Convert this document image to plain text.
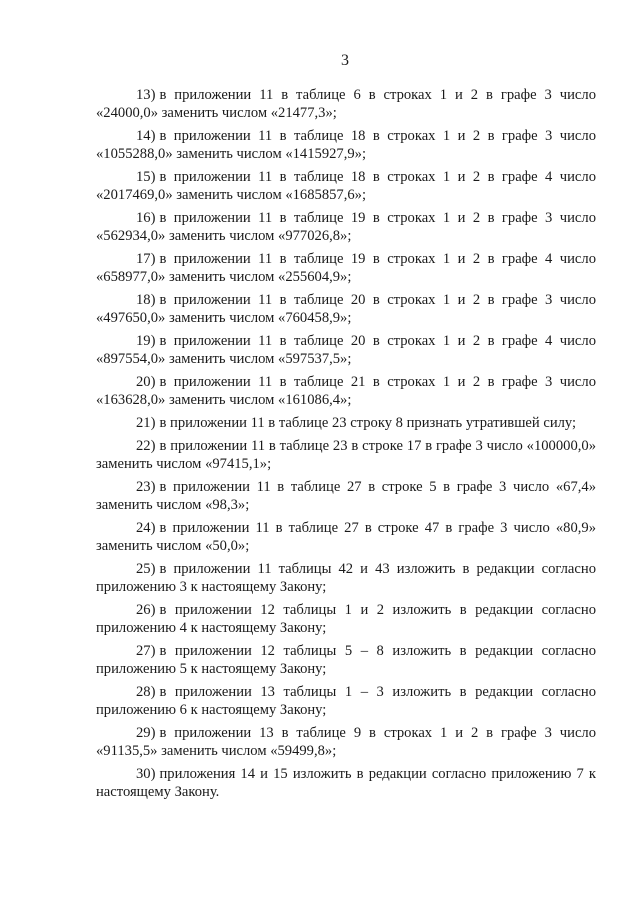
3

13) в приложении 11 в таблице 6 в строках 1 и 2 в графе 3 число «24000,0» заменить числом «21477,3»;

14) в приложении 11 в таблице 18 в строках 1 и 2 в графе 3 число «1055288,0» заменить числом «1415927,9»;

15) в приложении 11 в таблице 18 в строках 1 и 2 в графе 4 число «2017469,0» заменить числом «1685857,6»;

16) в приложении 11 в таблице 19 в строках 1 и 2 в графе 3 число «562934,0» заменить числом «977026,8»;

17) в приложении 11 в таблице 19 в строках 1 и 2 в графе 4 число «658977,0» заменить числом «255604,9»;

18) в приложении 11 в таблице 20 в строках 1 и 2 в графе 3 число «497650,0» заменить числом «760458,9»;

19) в приложении 11 в таблице 20 в строках 1 и 2 в графе 4 число «897554,0» заменить числом «597537,5»;

20) в приложении 11 в таблице 21 в строках 1 и 2 в графе 3 число «163628,0» заменить числом «161086,4»;

21) в приложении 11 в таблице 23 строку 8 признать утратившей силу;

22) в приложении 11 в таблице 23 в строке 17 в графе 3 число «100000,0» заменить числом «97415,1»;

23) в приложении 11 в таблице 27 в строке 5 в графе 3 число «67,4» заменить числом «98,3»;

24) в приложении 11 в таблице 27 в строке 47 в графе 3 число «80,9» заменить числом «50,0»;

25) в приложении 11 таблицы 42 и 43 изложить в редакции согласно приложению 3 к настоящему Закону;

26) в приложении 12 таблицы 1 и 2 изложить в редакции согласно приложению 4 к настоящему Закону;

27) в приложении 12 таблицы 5 – 8 изложить в редакции согласно приложению 5 к настоящему Закону;

28) в приложении 13 таблицы 1 – 3 изложить в редакции согласно приложению 6 к настоящему Закону;

29) в приложении 13 в таблице 9 в строках 1 и 2 в графе 3 число «91135,5» заменить числом «59499,8»;

30) приложения 14 и 15 изложить в редакции согласно приложению 7 к настоящему Закону.
